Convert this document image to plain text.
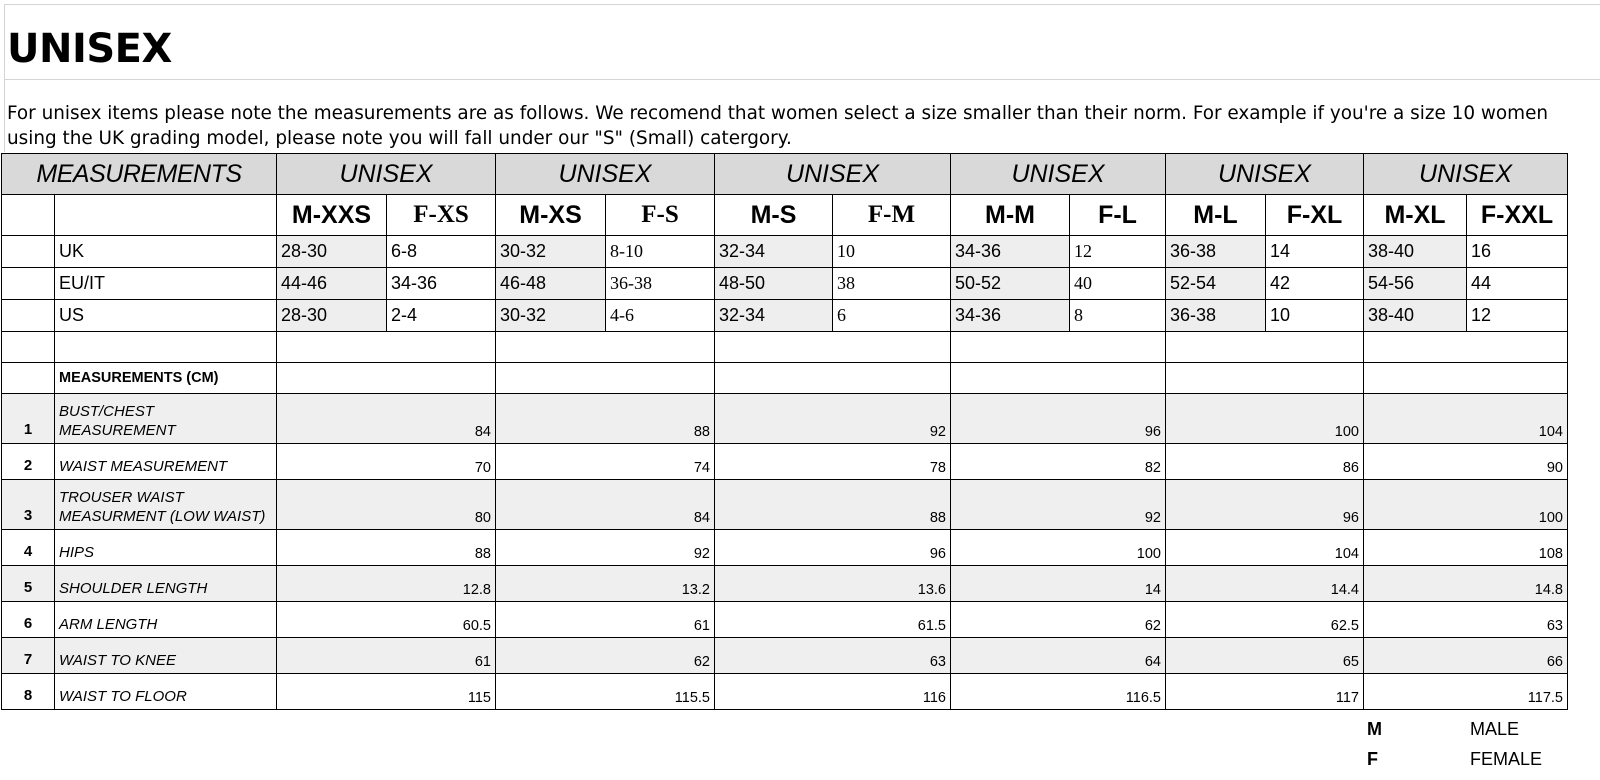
UNISEX
For unisex items please note the measurements are as follows. We recomend that women select a size smaller than their norm. For example if you're a size 10 women using the UK grading model, please note you will fall under our "S" (Small) catergory.
MEASUREMENTS		UNISEX		UNISEX		UNISEX		UNISEX		UNISEX		UNISEX	
		M-XXS	F-XS	M-XS	F-S	M-S	F-M	M-M	F-L	M-L	F-XL	M-XL	F-XXL
	UK	28-30	6-8	30-32	8-10	32-34	10	34-36	12	36-38	14	38-40	16
	EU/IT	44-46	34-36	46-48	36-38	48-50	38	50-52	40	52-54	42	54-56	44
	US	28-30	2-4	30-32	4-6	32-34	6	34-36	8	36-38	10	38-40	12

	MEASUREMENTS (CM)												
1	BUST/CHEST MEASUREMENT	84		88		92		96		100		104	
2	WAIST MEASUREMENT	70		74		78		82		86		90	
3	TROUSER WAIST MEASURMENT (LOW WAIST)	80		84		88		92		96		100	
4	HIPS	88		92		96		100		104		108	
5	SHOULDER LENGTH	12.8		13.2		13.6		14		14.4		14.8	
6	ARM LENGTH	60.5		61		61.5		62		62.5		63	
7	WAIST TO KNEE	61		62		63		64		65		66	
8	WAIST TO FLOOR	115		115.5		116		116.5		117		117.5	
M	MALE
F	FEMALE
